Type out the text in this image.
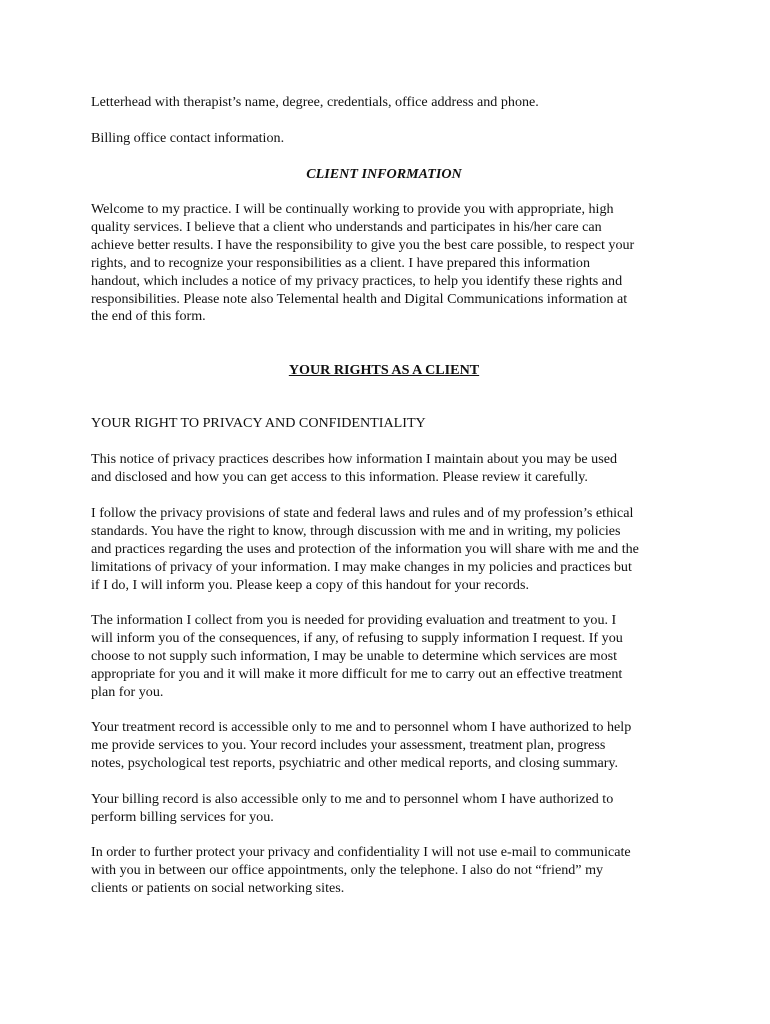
Letterhead with therapist’s name, degree, credentials, office address and phone.
Billing office contact information.
CLIENT INFORMATION
Welcome to my practice. I will be continually working to provide you with appropriate, high
quality services. I believe that a client who understands and participates in his/her care can
achieve better results. I have the responsibility to give you the best care possible, to respect your
rights, and to recognize your responsibilities as a client. I have prepared this information
handout, which includes a notice of my privacy practices, to help you identify these rights and
responsibilities. Please note also Telemental health and Digital Communications information at
the end of this form.
YOUR RIGHTS AS A CLIENT
YOUR RIGHT TO PRIVACY AND CONFIDENTIALITY
This notice of privacy practices describes how information I maintain about you may be used
and disclosed and how you can get access to this information. Please review it carefully.
I follow the privacy provisions of state and federal laws and rules and of my profession’s ethical
standards. You have the right to know, through discussion with me and in writing, my policies
and practices regarding the uses and protection of the information you will share with me and the
limitations of privacy of your information. I may make changes in my policies and practices but
if I do, I will inform you. Please keep a copy of this handout for your records.
The information I collect from you is needed for providing evaluation and treatment to you. I
will inform you of the consequences, if any, of refusing to supply information I request. If you
choose to not supply such information, I may be unable to determine which services are most
appropriate for you and it will make it more difficult for me to carry out an effective treatment
plan for you.
Your treatment record is accessible only to me and to personnel whom I have authorized to help
me provide services to you. Your record includes your assessment, treatment plan, progress
notes, psychological test reports, psychiatric and other medical reports, and closing summary.
Your billing record is also accessible only to me and to personnel whom I have authorized to
perform billing services for you.
In order to further protect your privacy and confidentiality I will not use e-mail to communicate
with you in between our office appointments, only the telephone. I also do not “friend” my
clients or patients on social networking sites.
